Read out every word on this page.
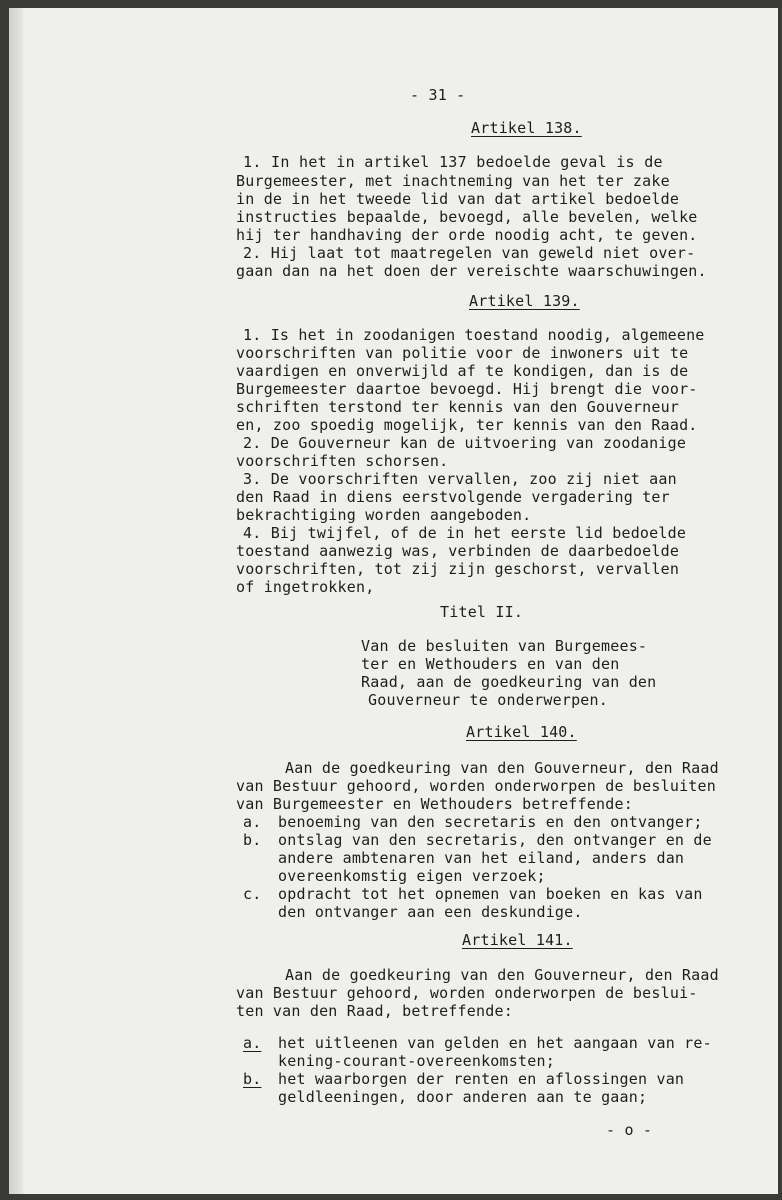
- 31 -
Artikel 138.
1. In het in artikel 137 bedoelde geval is de
Burgemeester, met inachtneming van het ter zake
in de in het tweede lid van dat artikel bedoelde
instructies bepaalde, bevoegd, alle bevelen, welke
hij ter handhaving der orde noodig acht, te geven.
2. Hij laat tot maatregelen van geweld niet over-
gaan dan na het doen der vereischte waarschuwingen.
Artikel 139.
1. Is het in zoodanigen toestand noodig, algemeene
voorschriften van politie voor de inwoners uit te
vaardigen en onverwijld af te kondigen, dan is de
Burgemeester daartoe bevoegd. Hij brengt die voor-
schriften terstond ter kennis van den Gouverneur
en, zoo spoedig mogelijk, ter kennis van den Raad.
2. De Gouverneur kan de uitvoering van zoodanige
voorschriften schorsen.
3. De voorschriften vervallen, zoo zij niet aan
den Raad in diens eerstvolgende vergadering ter
bekrachtiging worden aangeboden.
4. Bij twijfel, of de in het eerste lid bedoelde
toestand aanwezig was, verbinden de daarbedoelde
voorschriften, tot zij zijn geschorst, vervallen
of ingetrokken,
Titel II.
Van de besluiten van Burgemees-
ter en Wethouders en van den
Raad, aan de goedkeuring van den
Gouverneur te onderwerpen.
Artikel 140.
Aan de goedkeuring van den Gouverneur, den Raad
van Bestuur gehoord, worden onderworpen de besluiten
van Burgemeester en Wethouders betreffende:
a. benoeming van den secretaris en den ontvanger;
b. ontslag van den secretaris, den ontvanger en de
andere ambtenaren van het eiland, anders dan
overeenkomstig eigen verzoek;
c. opdracht tot het opnemen van boeken en kas van
den ontvanger aan een deskundige.
Artikel 141.
Aan de goedkeuring van den Gouverneur, den Raad
van Bestuur gehoord, worden onderworpen de beslui-
ten van den Raad, betreffende:
a. het uitleenen van gelden en het aangaan van re-
kening-courant-overeenkomsten;
b. het waarborgen der renten en aflossingen van
geldleeningen, door anderen aan te gaan;
- o -
